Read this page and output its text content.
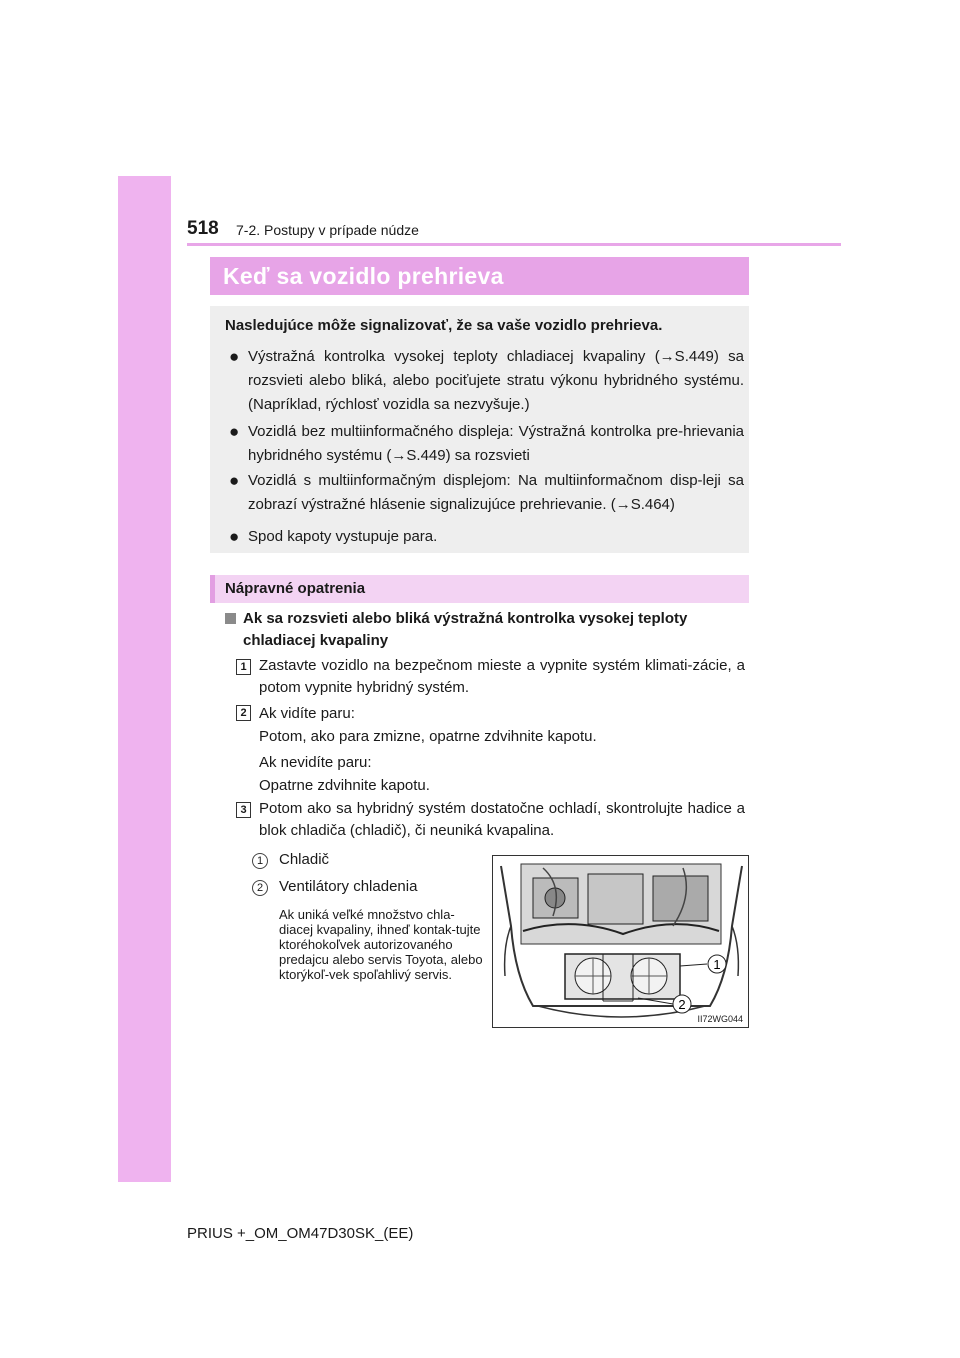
518 7-2. Postupy v prípade núdze
Keď sa vozidlo prehrieva
Nasledujúce môže signalizovať, že sa vaše vozidlo prehrieva.
● Výstražná kontrolka vysokej teploty chladiacej kvapaliny (→S.449) sa rozsvieti alebo bliká, alebo pociťujete stratu výkonu hybridného systému. (Napríklad, rýchlosť vozidla sa nezvyšuje.)
● Vozidlá bez multiinformačného displeja: Výstražná kontrolka pre-hrievania hybridného systému (→S.449) sa rozsvieti
● Vozidlá s multiinformačným displejom: Na multiinformačnom disp-leji sa zobrazí výstražné hlásenie signalizujúce prehrievanie. (→S.464)
● Spod kapoty vystupuje para.
Nápravné opatrenia
Ak sa rozsvieti alebo bliká výstražná kontrolka vysokej teploty chladiacej kvapaliny
1 Zastavte vozidlo na bezpečnom mieste a vypnite systém klimati-zácie, a potom vypnite hybridný systém.
2 Ak vidíte paru:
Potom, ako para zmizne, opatrne zdvihnite kapotu.
Ak nevidíte paru:
Opatrne zdvihnite kapotu.
3 Potom ako sa hybridný systém dostatočne ochladí, skontrolujte hadice a blok chladiča (chladič), či neuniká kvapalina.
1	Chladič
2	Ventilátory chladenia
Ak uniká veľké množstvo chla-diacej kvapaliny, ihneď kontak-tujte ktoréhokoľvek autorizovaného predajcu alebo servis Toyota, alebo ktorýkoľ-vek spoľahlivý servis.
1
2
II72WG044
PRIUS +_OM_OM47D30SK_(EE)
